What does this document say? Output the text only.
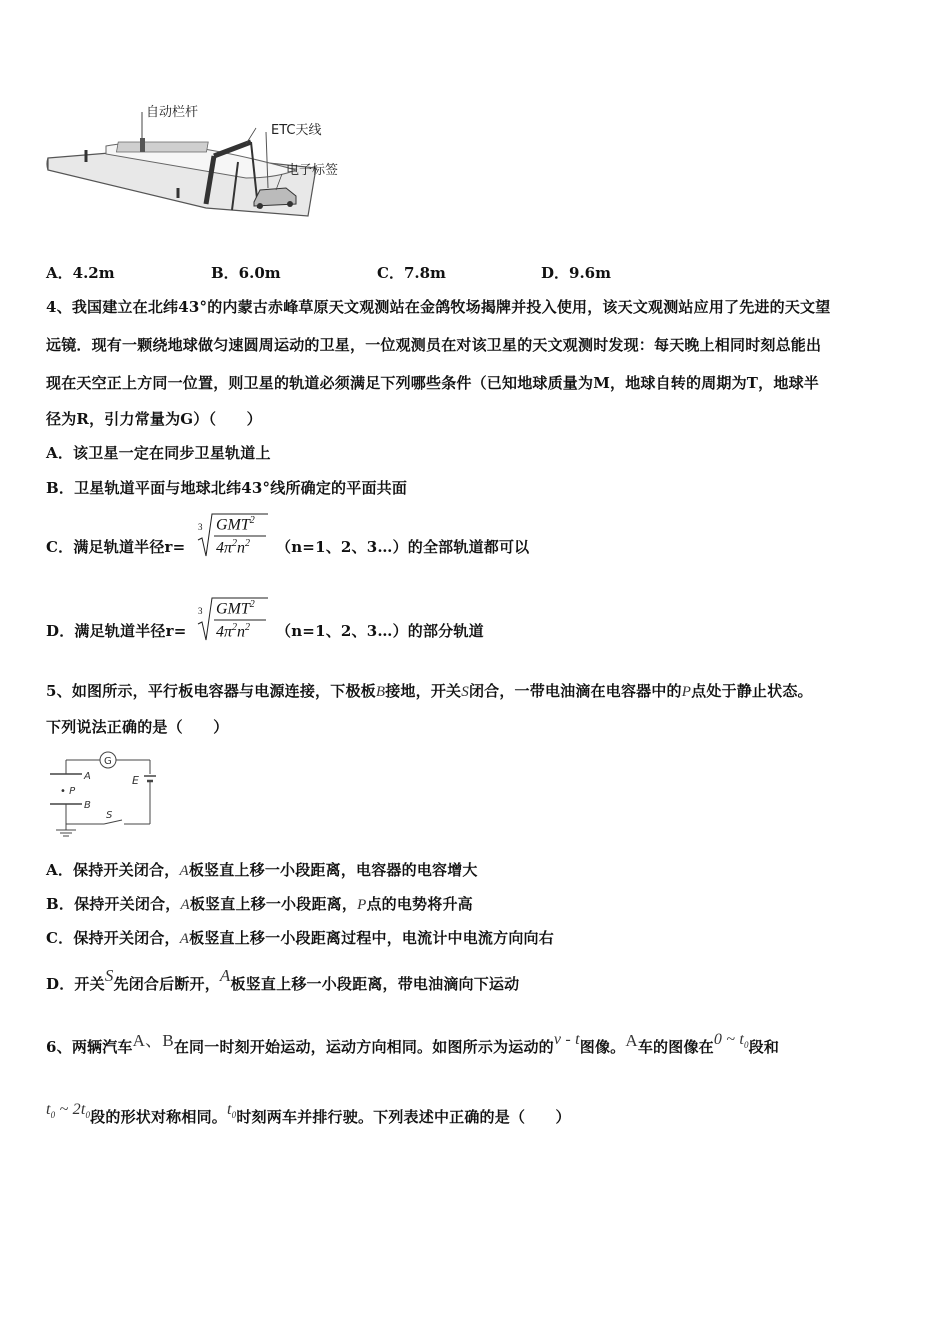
自动栏杆
ETC天线
电子标签
A．4.2m	B．6.0m	C．7.8m	D．9.6m
4、我国建立在北纬43°的内蒙古赤峰草原天文观测站在金鸽牧场揭牌并投入使用，该天文观测站应用了先进的天文望
远镜．现有一颗绕地球做匀速圆周运动的卫星，一位观测员在对该卫星的天文观测时发现：每天晚上相同时刻总能出
现在天空正上方同一位置，则卫星的轨道必须满足下列哪些条件（已知地球质量为M，地球自转的周期为T，地球半
径为R，引力常量为G）（　　）
A．该卫星一定在同步卫星轨道上
B．卫星轨道平面与地球北纬43°线所确定的平面共面
C．满足轨道半径r=
3 GMT$^2$
$4\pi^2n^2$ （n=1、2、3…）的全部轨道都可以
D．满足轨道半径r=
3 GMT$^2$
$4\pi^2n^2$ （n=1、2、3…）的部分轨道
5、如图所示，平行板电容器与电源连接，下极板B接地，开关S闭合，一带电油滴在电容器中的P点处于静止状态。
下列说法正确的是（　　）
G
E
A
• P
B
S
A．保持开关闭合，A板竖直上移一小段距离，电容器的电容增大
B．保持开关闭合，A板竖直上移一小段距离，P点的电势将升高
C．保持开关闭合，A板竖直上移一小段距离过程中，电流计中电流方向向右
D．开关S先闭合后断开，A板竖直上移一小段距离，带电油滴向下运动
6、两辆汽车A、B在同一时刻开始运动，运动方向相同。如图所示为运动的v - t图像。A车的图像在0 ~ $t_0$段和
$t_0$ ~ $2t_0$段的形状对称相同。$t_0$时刻两车并排行驶。下列表述中正确的是（　　）
